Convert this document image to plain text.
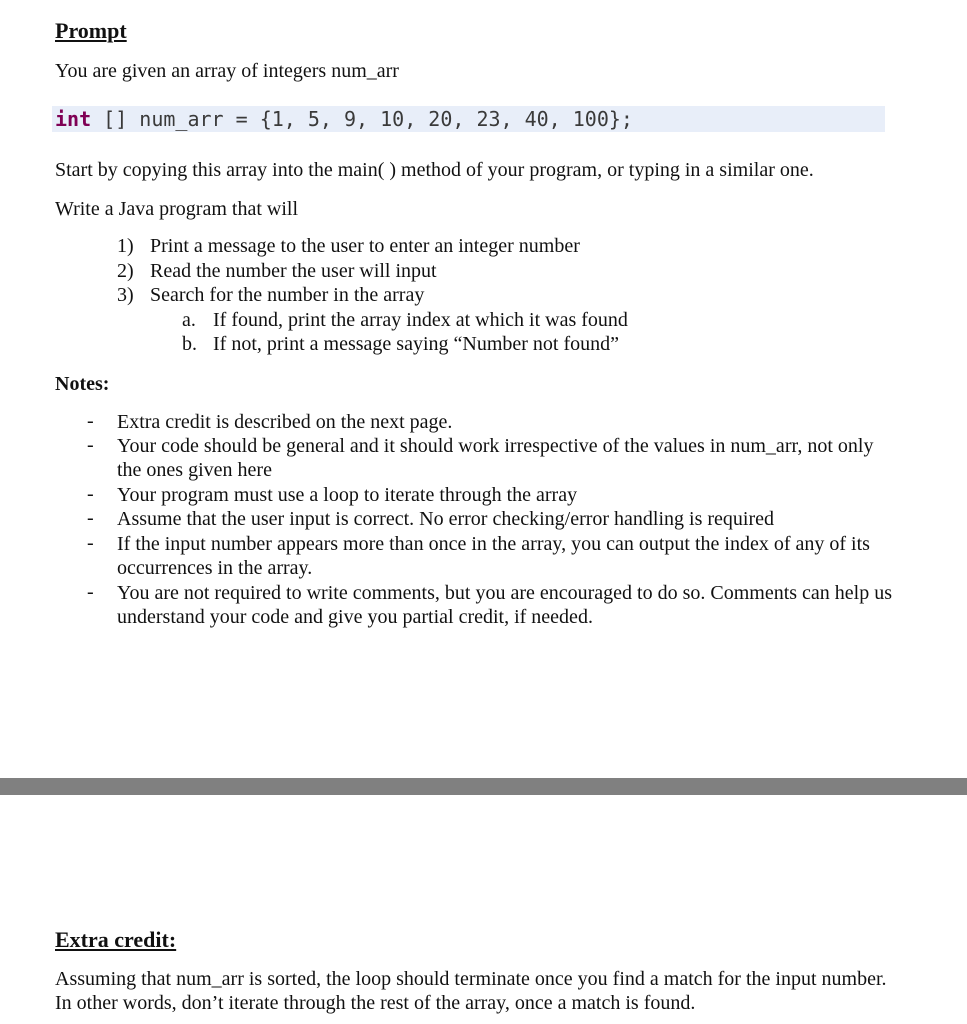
Prompt

You are given an array of integers num_arr

int [] num_arr = {1, 5, 9, 10, 20, 23, 40, 100};

Start by copying this array into the main( ) method of your program, or typing in a similar one.

Write a Java program that will

1) Print a message to the user to enter an integer number
2) Read the number the user will input
3) Search for the number in the array
a. If found, print the array index at which it was found
b. If not, print a message saying “Number not found”

Notes:

- Extra credit is described on the next page.

- Your code should be general and it should work irrespective of the values in num_arr, not only the ones given here

- Your program must use a loop to iterate through the array

- Assume that the user input is correct. No error checking/error handling is required

- If the input number appears more than once in the array, you can output the index of any of its occurrences in the array.

- You are not required to write comments, but you are encouraged to do so. Comments can help us understand your code and give you partial credit, if needed.

Extra credit:

Assuming that num_arr is sorted, the loop should terminate once you find a match for the input number. In other words, don’t iterate through the rest of the array, once a match is found.
